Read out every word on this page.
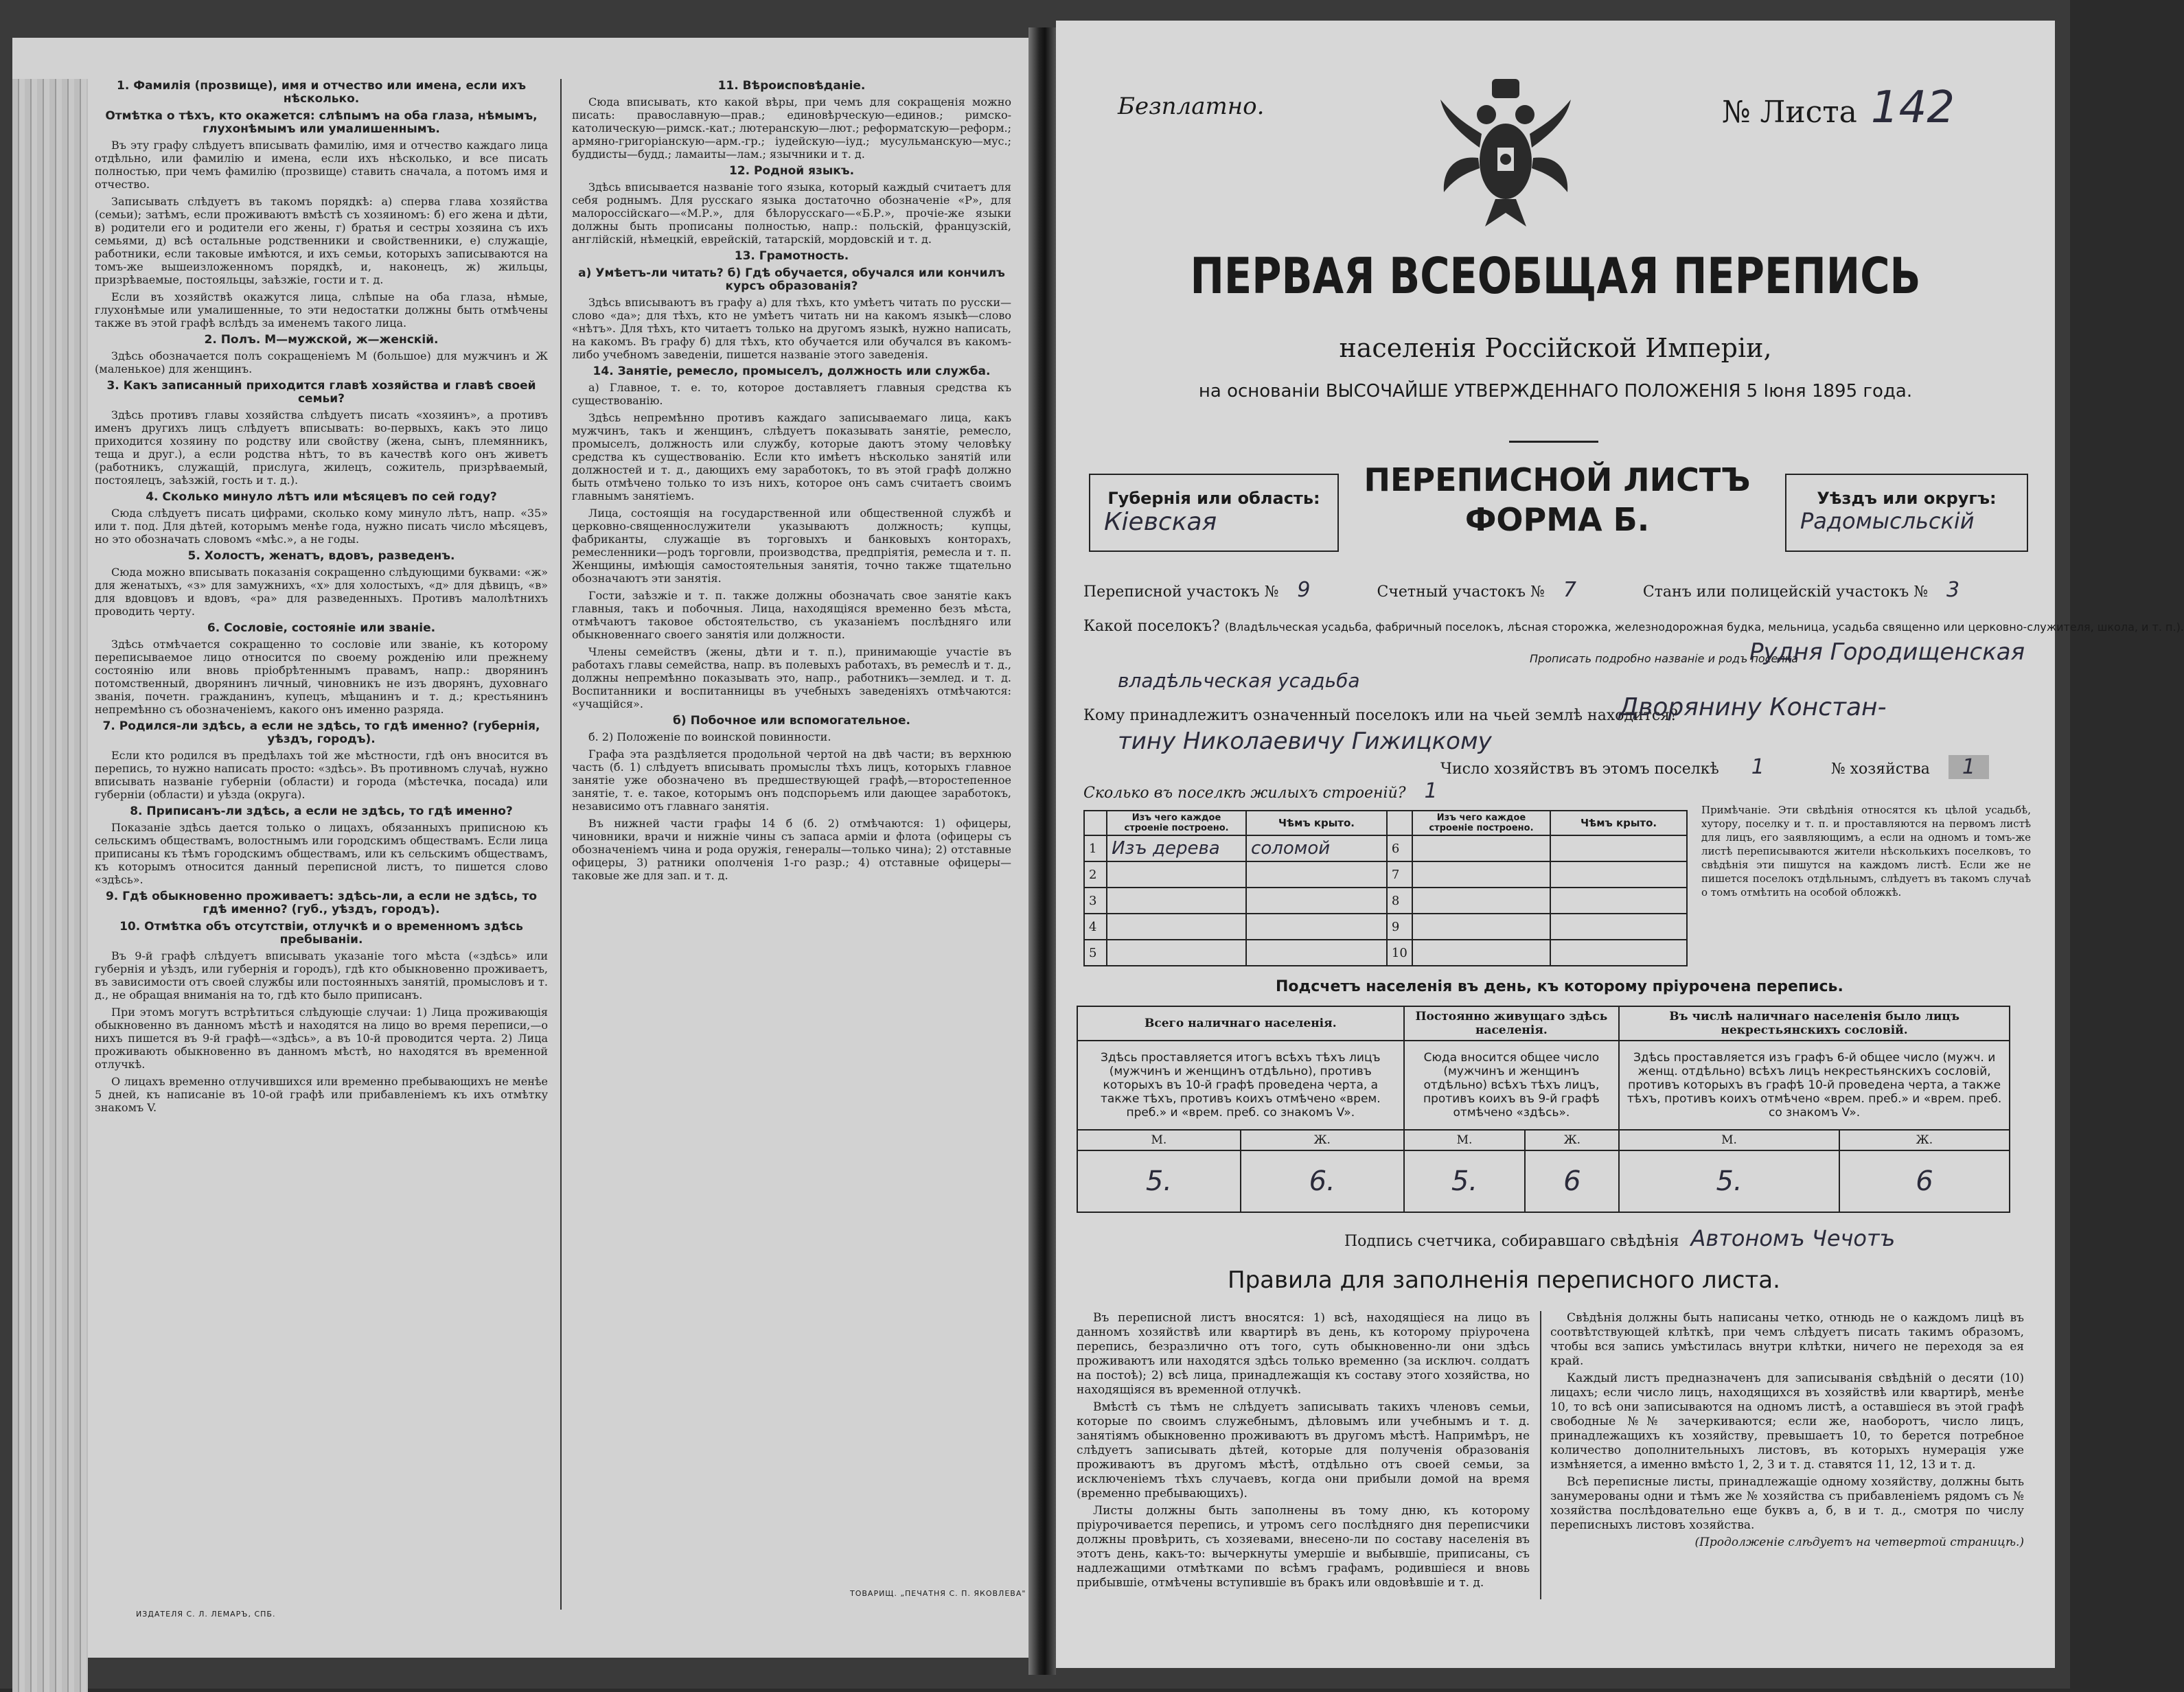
1. Фамилія (прозвище), имя и отчество или имена, если ихъ нѣсколько.
Отмѣтка о тѣхъ, кто окажется: слѣпымъ на оба глаза, нѣмымъ, глухонѣмымъ или умалишеннымъ.

Въ эту графу слѣдуетъ вписывать фамилію, имя и отчество каждаго лица отдѣльно, или фамилію и имена, если ихъ нѣсколько, и все писать полностью, при чемъ фамилію (прозвище) ставить сначала, а потомъ имя и отчество.

Записывать слѣдуетъ въ такомъ порядкѣ: а) сперва глава хозяйства (семьи); затѣмъ, если проживаютъ вмѣстѣ съ хозяиномъ: б) его жена и дѣти, в) родители его и родители его жены, г) братья и сестры хозяина съ ихъ семьями, д) всѣ остальные родственники и свойственники, е) служащіе, работники, если таковые имѣются, и ихъ семьи, которыхъ записываются на томъ-же вышеизложенномъ порядкѣ, и, наконецъ, ж) жильцы, призрѣваемые, постояльцы, заѣзжіе, гости и т. д.

Если въ хозяйствѣ окажутся лица, слѣпые на оба глаза, нѣмые, глухонѣмые или умалишенные, то эти недостатки должны быть отмѣчены также въ этой графѣ вслѣдъ за именемъ такого лица.

2. Полъ. М—мужской, ж—женскій.

Здѣсь обозначается полъ сокращеніемъ М (большое) для мужчинъ и Ж (маленькое) для женщинъ.

3. Какъ записанный приходится главѣ хозяйства и главѣ своей семьи?

Здѣсь противъ главы хозяйства слѣдуетъ писать «хозяинъ», а противъ именъ другихъ лицъ слѣдуетъ вписывать: во-первыхъ, какъ это лицо приходится хозяину по родству или свойству (жена, сынъ, племянникъ, теща и друг.), а если родства нѣтъ, то въ качествѣ кого онъ живетъ (работникъ, служащій, прислуга, жилецъ, сожитель, призрѣваемый, постоялецъ, заѣзжій, гость и т. д.).

4. Сколько минуло лѣтъ или мѣсяцевъ по сей году?

Сюда слѣдуетъ писать цифрами, сколько кому минуло лѣтъ, напр. «35» или т. под. Для дѣтей, которымъ менѣе года, нужно писать число мѣсяцевъ, но это обозначать словомъ «мѣс.», а не годы.

5. Холостъ, женатъ, вдовъ, разведенъ.

Сюда можно вписывать показанія сокращенно слѣдующими буквами: «ж» для женатыхъ, «з» для замужнихъ, «х» для холостыхъ, «д» для дѣвицъ, «в» для вдовцовъ и вдовъ, «ра» для разведенныхъ. Противъ малолѣтнихъ проводить черту.

6. Сословіе, состояніе или званіе.

Здѣсь отмѣчается сокращенно то сословіе или званіе, къ которому переписываемое лицо относится по своему рожденію или прежнему состоянію или вновь пріобрѣтеннымъ правамъ, напр.: дворянинъ потомственный, дворянинъ личный, чиновникъ не изъ дворянъ, духовнаго званія, почетн. гражданинъ, купецъ, мѣщанинъ и т. д.; крестьянинъ непремѣнно съ обозначеніемъ, какого онъ именно разряда.

7. Родился-ли здѣсь, а если не здѣсь, то гдѣ именно? (губернія, уѣздъ, городъ).

Если кто родился въ предѣлахъ той же мѣстности, гдѣ онъ вносится въ перепись, то нужно написать просто: «здѣсь». Въ противномъ случаѣ, нужно вписывать названіе губерніи (области) и города (мѣстечка, посада) или губерніи (области) и уѣзда (округа).

8. Приписанъ-ли здѣсь, а если не здѣсь, то гдѣ именно?

Показаніе здѣсь дается только о лицахъ, обязанныхъ приписною къ сельскимъ обществамъ, волостнымъ или городскимъ обществамъ. Если лица приписаны къ тѣмъ городскимъ обществамъ, или къ сельскимъ обществамъ, къ которымъ относится данный переписной листъ, то пишется слово «здѣсь».

9. Гдѣ обыкновенно проживаетъ: здѣсь-ли, а если не здѣсь, то гдѣ именно? (губ., уѣздъ, городъ).
10. Отмѣтка объ отсутствіи, отлучкѣ и о временномъ здѣсь пребываніи.

Въ 9-й графѣ слѣдуетъ вписывать указаніе того мѣста («здѣсь» или губернія и уѣздъ, или губернія и городъ), гдѣ кто обыкновенно проживаетъ, въ зависимости отъ своей службы или постоянныхъ занятій, промысловъ и т. д., не обращая вниманія на то, гдѣ кто было приписанъ.

При этомъ могутъ встрѣтиться слѣдующіе случаи: 1) Лица проживающія обыкновенно въ данномъ мѣстѣ и находятся на лицо во время переписи,—о нихъ пишется въ 9-й графѣ—«здѣсь», а въ 10-й проводится черта. 2) Лица проживають обыкновенно въ данномъ мѣстѣ, но находятся въ временной отлучкѣ.

О лицахъ временно отлучившихся или временно пребывающихъ не менѣе 5 дней, къ написаніе въ 10-ой графѣ или прибавленіемъ къ ихъ отмѣтку знакомъ V.

11. Вѣроисповѣданіе.

Сюда вписывать, кто какой вѣры, при чемъ для сокращенія можно писать: православную—прав.; единовѣрческую—единов.; римско-католическую—римск.-кат.; лютеранскую—лют.; реформатскую—реформ.; армяно-григоріанскую—арм.-гр.; іудейскую—іуд.; мусульманскую—мус.; буддисты—будд.; ламаиты—лам.; язычники и т. д.

12. Родной языкъ.

Здѣсь вписывается названіе того языка, который каждый считаетъ для себя роднымъ. Для русскаго языка достаточно обозначеніе «Р», для малороссійскаго—«М.Р.», для бѣлорусскаго—«Б.Р.», прочіе-же языки должны быть прописаны полностью, напр.: польскій, французскій, англійскій, нѣмецкій, еврейскій, татарскій, мордовскій и т. д.

13. Грамотность.
а) Умѣетъ-ли читать? б) Гдѣ обучается, обучался или кончилъ курсъ образованія?

Здѣсь вписываютъ въ графу а) для тѣхъ, кто умѣетъ читать по русски—слово «да»; для тѣхъ, кто не умѣетъ читать ни на какомъ языкѣ—слово «нѣтъ». Для тѣхъ, кто читаетъ только на другомъ языкѣ, нужно написать, на какомъ. Въ графу б) для тѣхъ, кто обучается или обучался въ какомъ-либо учебномъ заведеніи, пишется названіе этого заведенія.

14. Занятіе, ремесло, промыселъ, должность или служба.

а) Главное, т. е. то, которое доставляетъ главныя средства къ существованію.

Здѣсь непремѣнно противъ каждаго записываемаго лица, какъ мужчинъ, такъ и женщинъ, слѣдуетъ показывать занятіе, ремесло, промыселъ, должность или службу, которые даютъ этому человѣку средства къ существованію. Если кто имѣетъ нѣсколько занятій или должностей и т. д., дающихъ ему заработокъ, то въ этой графѣ должно быть отмѣчено только то изъ нихъ, которое онъ самъ считаетъ своимъ главнымъ занятіемъ.

Лица, состоящія на государственной или общественной службѣ и церковно-священнослужители указываютъ должность; купцы, фабриканты, служащіе въ торговыхъ и банковыхъ конторахъ, ремесленники—родъ торговли, производства, предпріятія, ремесла и т. п. Женщины, имѣющія самостоятельныя занятія, точно также тщательно обозначаютъ эти занятія.

Гости, заѣзжіе и т. п. также должны обозначать свое занятіе какъ главныя, такъ и побочныя. Лица, находящіяся временно безъ мѣста, отмѣчаютъ таковое обстоятельство, съ указаніемъ послѣдняго или обыкновеннаго своего занятія или должности.

Члены семействъ (жены, дѣти и т. п.), принимающіе участіе въ работахъ главы семейства, напр. въ полевыхъ работахъ, въ ремеслѣ и т. д., должны непремѣнно показывать это, напр., работникъ—землед. и т. д. Воспитанники и воспитанницы въ учебныхъ заведеніяхъ отмѣчаются: «учащійся».

б) Побочное или вспомогательное.

б. 2) Положеніе по воинской повинности.

Графа эта раздѣляется продольной чертой на двѣ части; въ верхнюю часть (б. 1) слѣдуетъ вписывать промыслы тѣхъ лицъ, которыхъ главное занятіе уже обозначено въ предшествующей графѣ,—второстепенное занятіе, т. е. такое, которымъ онъ подспорьемъ или дающее заработокъ, независимо отъ главнаго занятія.

Въ нижней части графы 14 б (б. 2) отмѣчаются: 1) офицеры, чиновники, врачи и нижніе чины съ запаса арміи и флота (офицеры съ обозначеніемъ чина и рода оружія, генералы—только чина); 2) отставные офицеры, 3) ратники ополченія 1-го разр.; 4) отставные офицеры—таковые же для зап. и т. д.

ИЗДАТЕЛЯ С. Л. ЛЕМАРЪ, СПБ.
ТОВАРИЩ. „ПЕЧАТНЯ С. П. ЯКОВЛЕВА"
Безплатно.	№ Листа 142
ПЕРВАЯ ВСЕОБЩАЯ ПЕРЕПИСЬ
населенія Россійской Имперіи,
на основаніи ВЫСОЧАЙШЕ УТВЕРЖДЕННАГО ПОЛОЖЕНІЯ 5 Іюня 1895 года.
Губернія или область:
Кіевская
ПЕРЕПИСНОЙ ЛИСТЪ
ФОРМА Б.
Уѣздъ или округъ:
Радомысльскій
Переписной участокъ № 9	Счетный участокъ № 7	Станъ или полицейскій участокъ № 3
Какой поселокъ? (Владѣльческая усадьба, фабричный поселокъ, лѣсная сторожка, железнодорожная будка, мельница, усадьба священно или церковно-служителя, школа, и т. п.).
Прописать подробно названіе и родъ поселка
Рудня Городищенская
владѣльческая усадьба
Кому принадлежитъ означенный поселокъ или на чьей землѣ находится?
Дворянину Констан-
тину Николаевичу Гижицкому
Число хозяйствъ въ этомъ поселкѣ 1	№ хозяйства 1
Сколько въ поселкѣ жилыхъ строеній? 1
	Изъ чего каждое строеніе построено.	Чѣмъ крыто.		Изъ чего каждое строеніе построено.	Чѣмъ крыто.
1	Изъ дерева	соломой	6		
2			7		
3			8		
4			9		
5			10		
Примѣчаніе. Эти свѣдѣнія относятся къ цѣлой усадьбѣ, хутору, поселку и т. п. и проставляются на первомъ листѣ для лицъ, его заявляющимъ, а если на одномъ и томъ-же листѣ переписываются жители нѣсколькихъ поселковъ, то свѣдѣнія эти пишутся на каждомъ листѣ. Если же не пишется поселокъ отдѣльнымъ, слѣдуетъ въ такомъ случаѣ о томъ отмѣтить на особой обложкѣ.
Подсчетъ населенія въ день, къ которому пріурочена перепись.
Всего наличнаго населенія.		Постоянно живущаго здѣсь населенія.		Въ числѣ наличнаго населенія было лицъ некрестьянскихъ сословій.	
Здѣсь проставляется итогъ всѣхъ тѣхъ лицъ (мужчинъ и женщинъ отдѣльно), противъ которыхъ въ 10-й графѣ проведена черта, а также тѣхъ, противъ коихъ отмѣчено «врем. преб.» и «врем. преб. со знакомъ V».		Сюда вносится общее число (мужчинъ и женщинъ отдѣльно) всѣхъ тѣхъ лицъ, противъ коихъ въ 9-й графѣ отмѣчено «здѣсь».		Здѣсь проставляется изъ графъ 6-й общее число (мужч. и женщ. отдѣльно) всѣхъ лицъ некрестьянскихъ сословій, противъ которыхъ въ графѣ 10-й проведена черта, а также тѣхъ, противъ коихъ отмѣчено «врем. преб.» и «врем. преб. со знакомъ V».	
М.	Ж.	М.	Ж.	М.	Ж.
5.	6.	5.	6	5.	6
Подпись счетчика, собиравшаго свѣдѣнія Автономъ Чечотъ
Правила для заполненія переписного листа.

Въ переписной листъ вносятся: 1) всѣ, находящіеся на лицо въ данномъ хозяйствѣ или квартирѣ въ день, къ которому пріурочена перепись, безразлично отъ того, суть обыкновенно-ли они здѣсь проживаютъ или находятся здѣсь только временно (за исключ. солдатъ на постоѣ); 2) всѣ лица, принадлежащія къ составу этого хозяйства, но находящіяся въ временной отлучкѣ.

Вмѣстѣ съ тѣмъ не слѣдуетъ записывать такихъ членовъ семьи, которые по своимъ служебнымъ, дѣловымъ или учебнымъ и т. д. занятіямъ обыкновенно проживаютъ въ другомъ мѣстѣ. Напримѣръ, не слѣдуетъ записывать дѣтей, которые для полученія образованія проживаютъ въ другомъ мѣстѣ, отдѣльно отъ своей семьи, за исключеніемъ тѣхъ случаевъ, когда они прибыли домой на время (временно пребывающихъ).

Листы должны быть заполнены въ тому дню, къ которому пріурочивается перепись, и утромъ сего послѣдняго дня переписчики должны провѣрить, съ хозяевами, внесено-ли по составу населенія въ этотъ день, какъ-то: вычеркнуты умершіе и выбывшіе, приписаны, съ надлежащими отмѣтками по всѣмъ графамъ, родившіеся и вновь прибывшіе, отмѣчены вступившіе въ бракъ или овдовѣвшіе и т. д.

Свѣдѣнія должны быть написаны четко, отнюдь не о каждомъ лицѣ въ соотвѣтствующей клѣткѣ, при чемъ слѣдуетъ писать такимъ образомъ, чтобы вся запись умѣстилась внутри клѣтки, ничего не переходя за ея край.

Каждый листъ предназначенъ для записыванія свѣдѣній о десяти (10) лицахъ; если число лицъ, находящихся въ хозяйствѣ или квартирѣ, менѣе 10, то всѣ они записываются на одномъ листѣ, а оставшіеся въ этой графѣ свободные №№ зачеркиваются; если же, наоборотъ, число лицъ, принадлежащихъ къ хозяйству, превышаетъ 10, то берется потребное количество дополнительныхъ листовъ, въ которыхъ нумерація уже измѣняется, а именно вмѣсто 1, 2, 3 и т. д. ставятся 11, 12, 13 и т. д.

Всѣ переписные листы, принадлежащіе одному хозяйству, должны быть занумерованы одни и тѣмъ же № хозяйства съ прибавленіемъ рядомъ съ № хозяйства послѣдовательно еще буквъ а, б, в и т. д., смотря по числу переписныхъ листовъ хозяйства.

(Продолженіе слѣдуетъ на четвертой страницѣ.)
